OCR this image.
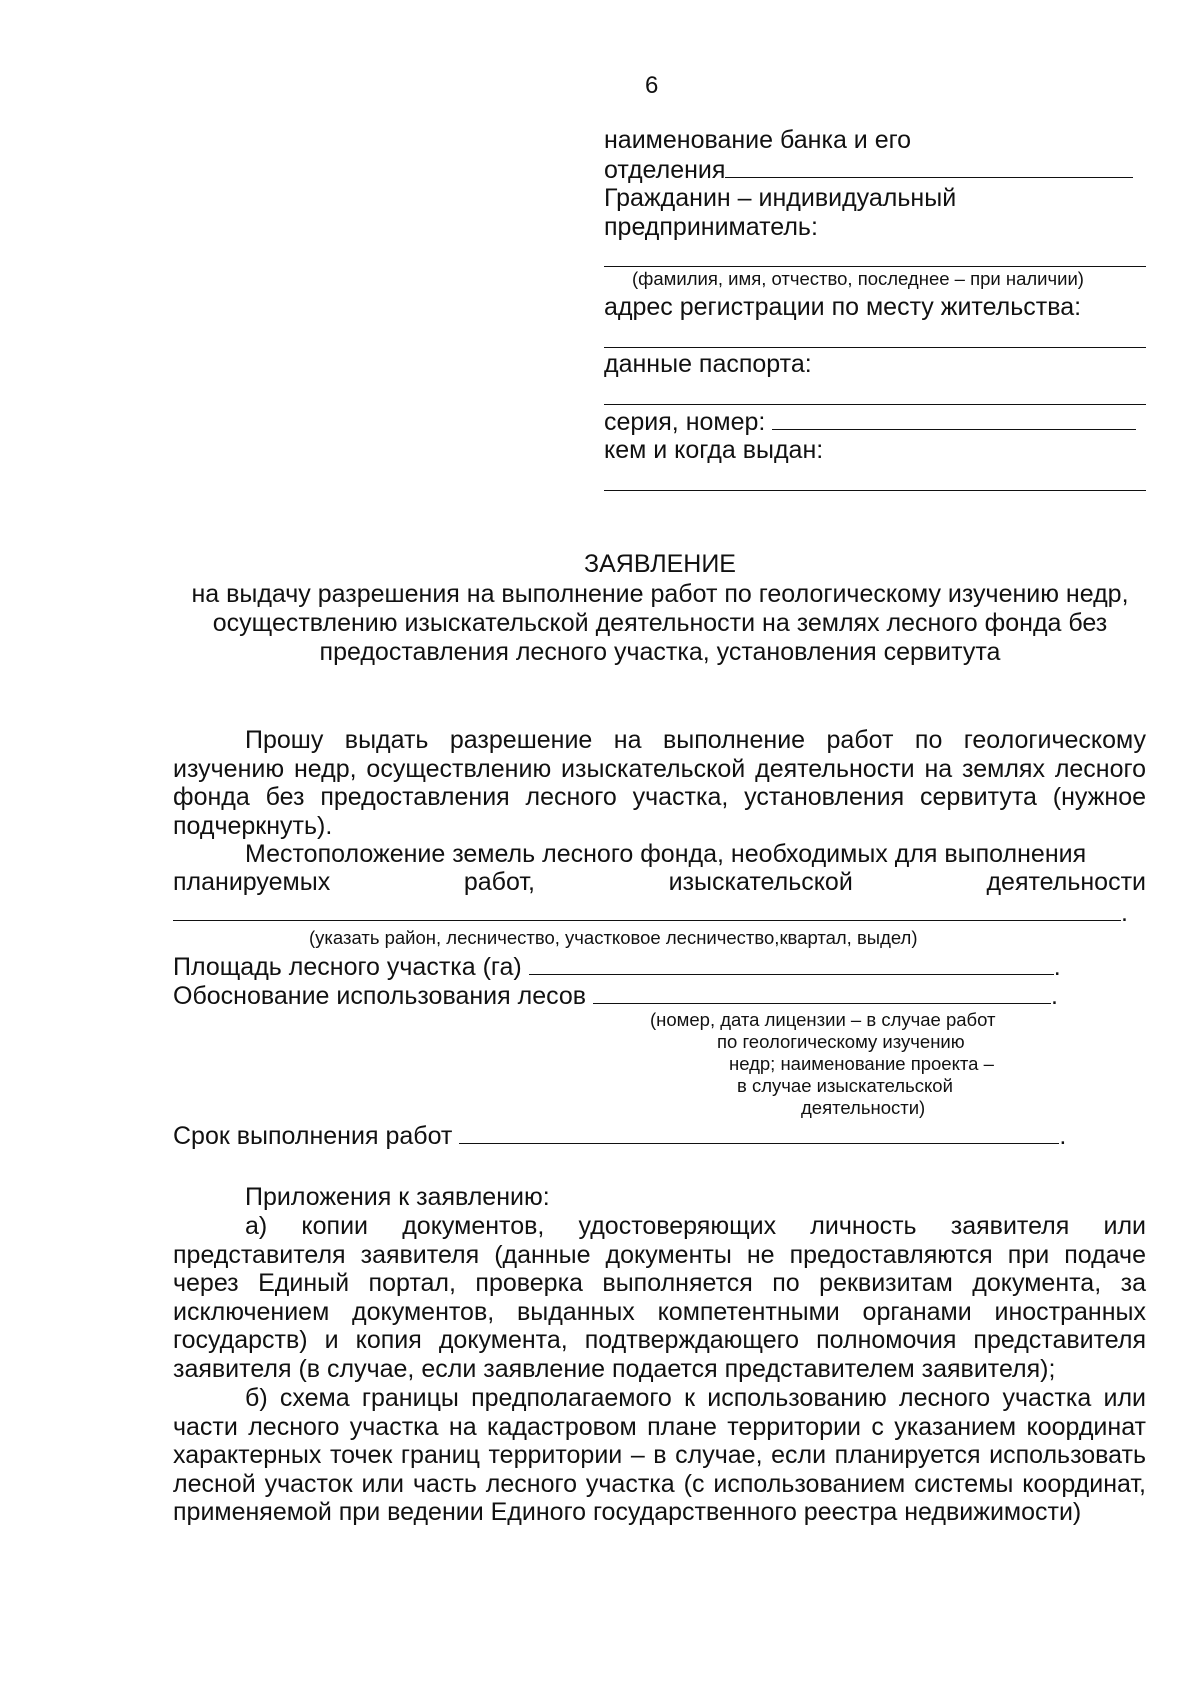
6
наименование банка и его
отделения
Гражданин – индивидуальный
предприниматель:
(фамилия, имя, отчество, последнее – при наличии)
адрес регистрации по месту жительства:
данные паспорта:
серия, номер:
кем и когда выдан:
ЗАЯВЛЕНИЕ
на выдачу разрешения на выполнение работ по геологическому изучению недр, осуществлению изыскательской деятельности на землях лесного фонда без предоставления лесного участка, установления сервитута
Прошу выдать разрешение на выполнение работ по геологическому изучению недр, осуществлению изыскательской деятельности на землях лесного фонда без предоставления лесного участка, установления сервитута (нужное подчеркнуть).
Местоположение земель лесного фонда, необходимых для выполнения
планируемых	работ,	изыскательской	деятельности
.
(указать район, лесничество, участковое лесничество,квартал, выдел)
Площадь лесного участка (га)	.
Обоснование использования лесов	.
(номер, дата лицензии – в случае работ
по геологическому изучению
недр; наименование проекта –
в случае изыскательской
деятельности)
Срок выполнения работ	.
Приложения к заявлению:
а) копии документов, удостоверяющих личность заявителя или представителя заявителя (данные документы не предоставляются при подаче через Единый портал, проверка выполняется по реквизитам документа, за исключением документов, выданных компетентными органами иностранных государств) и копия документа, подтверждающего полномочия представителя заявителя (в случае, если заявление подается представителем заявителя);
б) схема границы предполагаемого к использованию лесного участка или части лесного участка на кадастровом плане территории с указанием координат характерных точек границ территории – в случае, если планируется использовать лесной участок или часть лесного участка (с использованием системы координат, применяемой при ведении Единого государственного реестра недвижимости)
